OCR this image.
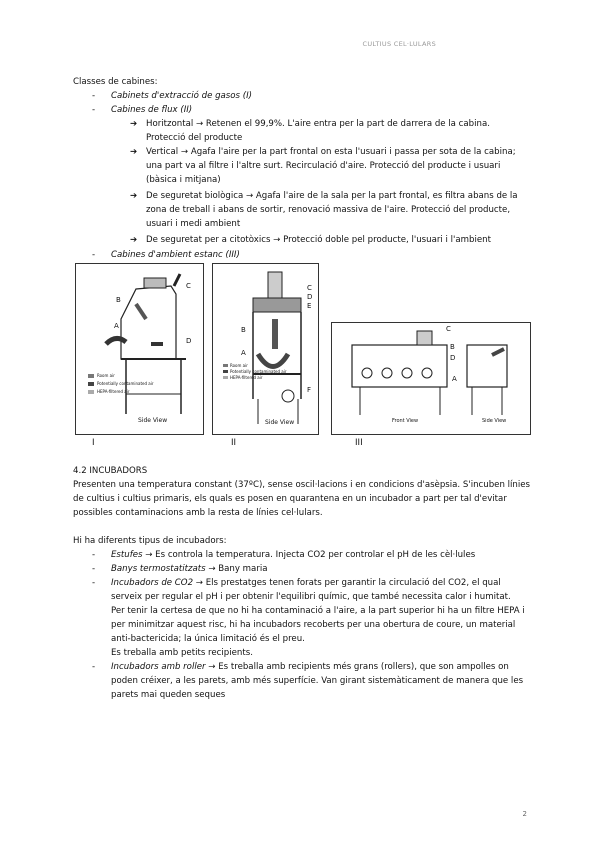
CULTIUS CEL·LULARS
Classes de cabines:
- Cabinets d'extracció de gasos (I)
- Cabines de flux (II)
➔ Horitzontal → Retenen el 99,9%. L'aire entra per la part de darrera de la cabina. Protecció del producte
➔ Vertical → Agafa l'aire per la part frontal on esta l'usuari i passa per sota de la cabina; una part va al filtre i l'altre surt. Recirculació d'aire. Protecció del producte i usuari (bàsica i mitjana)
➔ De seguretat biològica → Agafa l'aire de la sala per la part frontal, es filtra abans de la zona de treball i abans de sortir, renovació massiva de l'aire. Protecció del producte, usuari i medi ambient
➔ De seguretat per a citotòxics → Protecció doble pel producte, l'usuari i l'ambient
- Cabines d'ambient estanc (III)
C
B
A
D
Room air
Potentially contaminated air
HEPA-filtered air
Side View
C
D
E
B
A
F
Room air
Potentially contaminated air
HEPA-filtered air
Side View
C
B
D
A
Front View	Side View
I	II	III
4.2 INCUBADORS
Presenten una temperatura constant (37ºC), sense oscil·lacions i en condicions d'asèpsia. S'incuben línies de cultius i cultius primaris, els quals es posen en quarantena en un incubador a part per tal d'evitar possibles contaminacions amb la resta de línies cel·lulars.
Hi ha diferents tipus de incubadors:
- Estufes → Es controla la temperatura. Injecta CO2 per controlar el pH de les cèl·lules
- Banys termostatitzats → Bany maria
- Incubadors de CO2 → Els prestatges tenen forats per garantir la circulació del CO2, el qual serveix per regular el pH i per obtenir l'equilibri químic, que també necessita calor i humitat.
Per tenir la certesa de que no hi ha contaminació a l'aire, a la part superior hi ha un filtre HEPA i per minimitzar aquest risc, hi ha incubadors recoberts per una obertura de coure, un material anti-bactericida; la única limitació és el preu.
Es treballa amb petits recipients.
- Incubadors amb roller → Es treballa amb recipients més grans (rollers), que son ampolles on poden créixer, a les parets, amb més superfície. Van girant sistemàticament de manera que les parets mai queden seques
2
